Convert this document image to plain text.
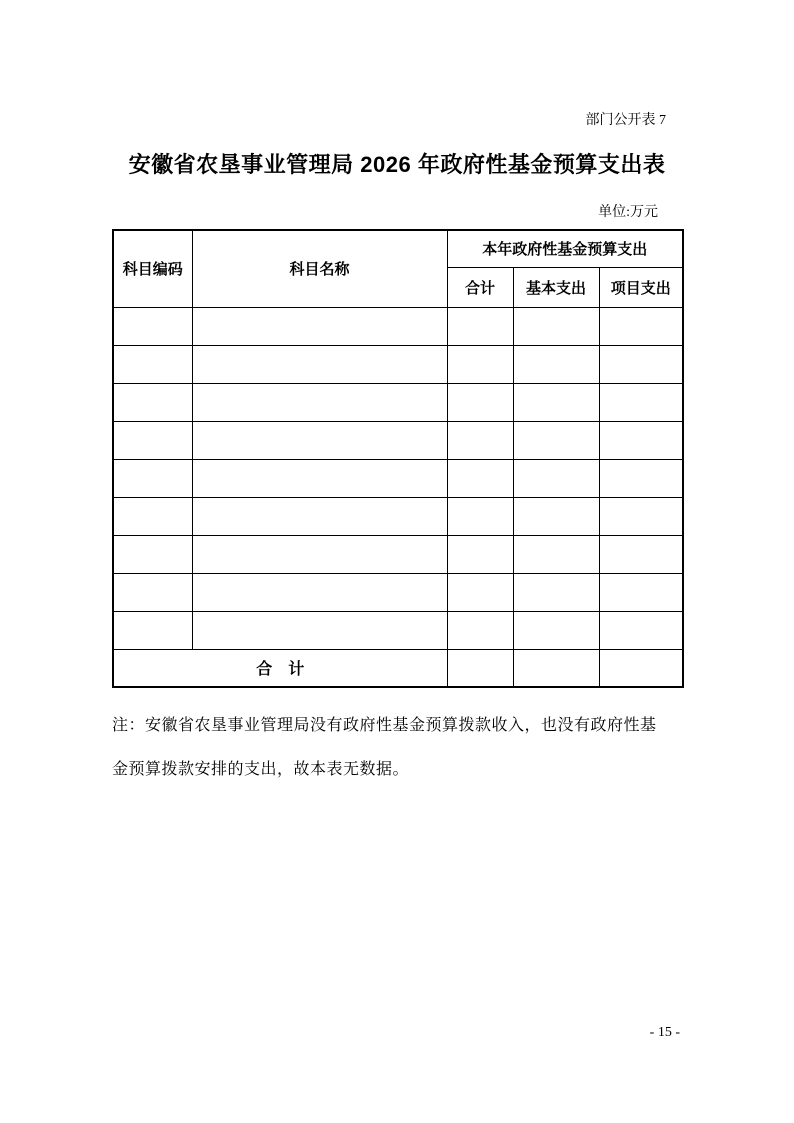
部门公开表 7
安徽省农垦事业管理局 2026 年政府性基金预算支出表
单位:万元
科目编码	科目名称	本年政府性基金预算支出		
		合计	基本支出	项目支出

合　计				
注：安徽省农垦事业管理局没有政府性基金预算拨款收入，也没有政府性基
金预算拨款安排的支出，故本表无数据。
- 15 -
